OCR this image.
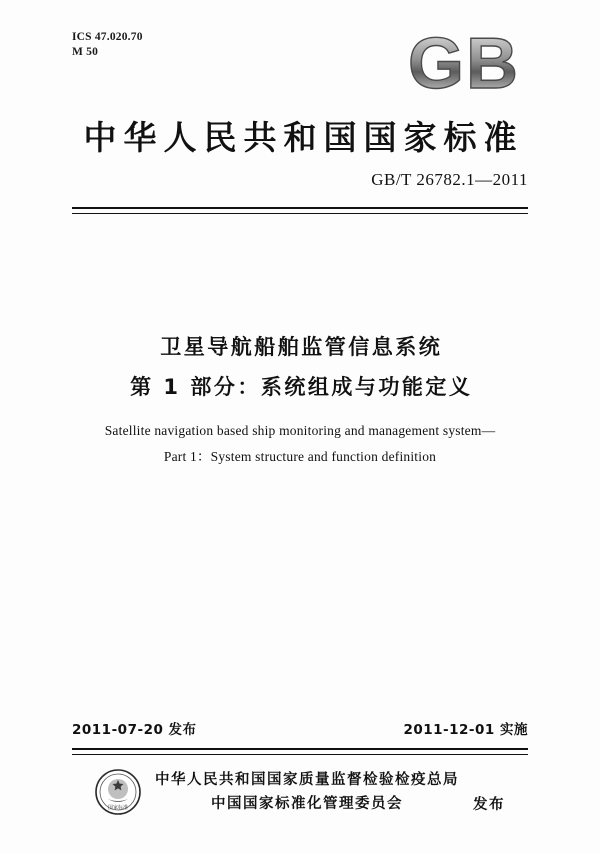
ICS 47.020.70
M 50	GB
中华人民共和国国家标准
GB/T 26782.1—2011
卫星导航船舶监管信息系统
第 1 部分：系统组成与功能定义
Satellite navigation based ship monitoring and management system—
Part 1：System structure and function definition
2011-07-20 发布	2011-12-01 实施
国家标准
中华人民共和国国家质量监督检验检疫总局
中国国家标准化管理委员会	发布
